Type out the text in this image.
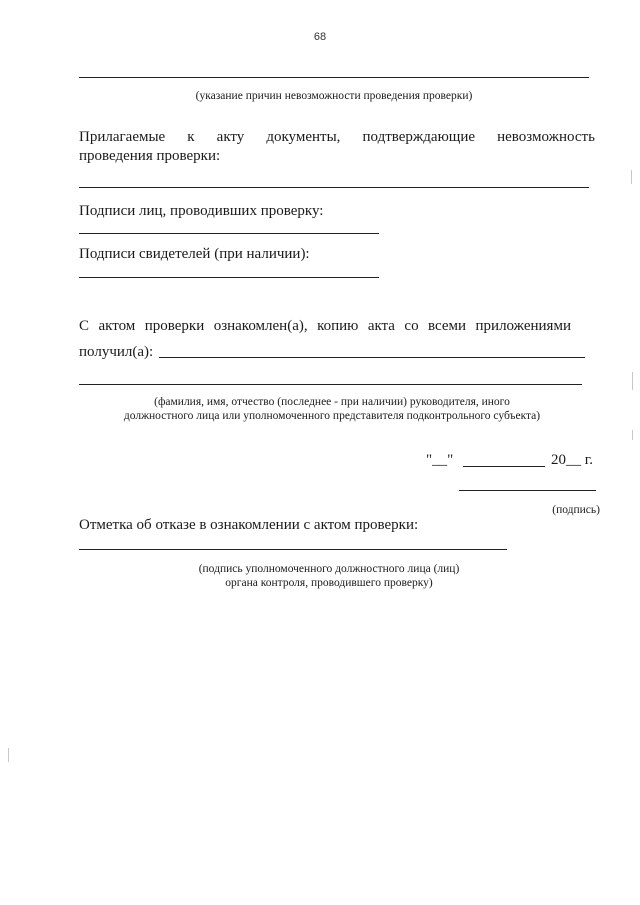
68
(указание причин невозможности проведения проверки)
Прилагаемые к акту документы, подтверждающие невозможность
проведения проверки:
Подписи лиц, проводивших проверку:
Подписи свидетелей (при наличии):
С актом проверки ознакомлен(а), копию акта со всеми приложениями
получил(а):
(фамилия, имя, отчество (последнее - при наличии) руководителя, иного
должностного лица или уполномоченного представителя подконтрольного субъекта)
"__"	20__ г.
(подпись)
Отметка об отказе в ознакомлении с актом проверки:
(подпись уполномоченного должностного лица (лиц)
органа контроля, проводившего проверку)
